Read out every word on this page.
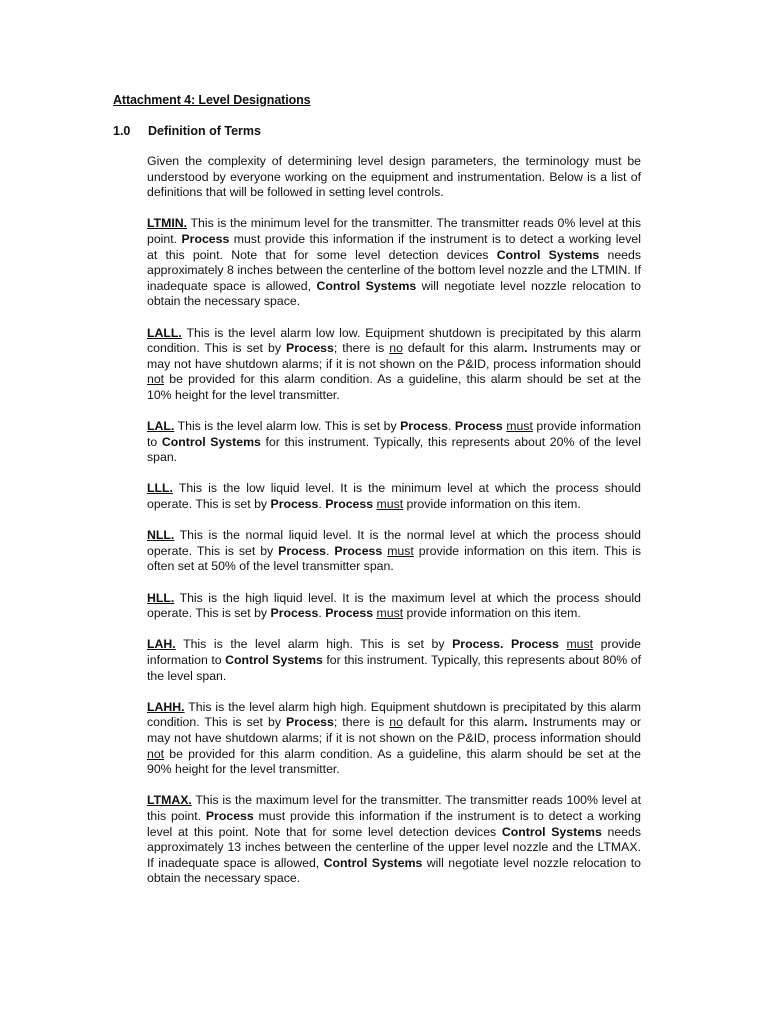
Attachment 4: Level Designations
1.0 Definition of Terms

Given the complexity of determining level design parameters, the terminology must be understood by everyone working on the equipment and instrumentation. Below is a list of definitions that will be followed in setting level controls.

LTMIN. This is the minimum level for the transmitter. The transmitter reads 0% level at this point. Process must provide this information if the instrument is to detect a working level at this point. Note that for some level detection devices Control Systems needs approximately 8 inches between the centerline of the bottom level nozzle and the LTMIN. If inadequate space is allowed, Control Systems will negotiate level nozzle relocation to obtain the necessary space.

LALL. This is the level alarm low low. Equipment shutdown is precipitated by this alarm condition. This is set by Process; there is no default for this alarm. Instruments may or may not have shutdown alarms; if it is not shown on the P&ID, process information should not be provided for this alarm condition. As a guideline, this alarm should be set at the 10% height for the level transmitter.

LAL. This is the level alarm low. This is set by Process. Process must provide information to Control Systems for this instrument. Typically, this represents about 20% of the level span.

LLL. This is the low liquid level. It is the minimum level at which the process should operate. This is set by Process. Process must provide information on this item.

NLL. This is the normal liquid level. It is the normal level at which the process should operate. This is set by Process. Process must provide information on this item. This is often set at 50% of the level transmitter span.

HLL. This is the high liquid level. It is the maximum level at which the process should operate. This is set by Process. Process must provide information on this item.

LAH. This is the level alarm high. This is set by Process. Process must provide information to Control Systems for this instrument. Typically, this represents about 80% of the level span.

LAHH. This is the level alarm high high. Equipment shutdown is precipitated by this alarm condition. This is set by Process; there is no default for this alarm. Instruments may or may not have shutdown alarms; if it is not shown on the P&ID, process information should not be provided for this alarm condition. As a guideline, this alarm should be set at the 90% height for the level transmitter.

LTMAX. This is the maximum level for the transmitter. The transmitter reads 100% level at this point. Process must provide this information if the instrument is to detect a working level at this point. Note that for some level detection devices Control Systems needs approximately 13 inches between the centerline of the upper level nozzle and the LTMAX. If inadequate space is allowed, Control Systems will negotiate level nozzle relocation to obtain the necessary space.
